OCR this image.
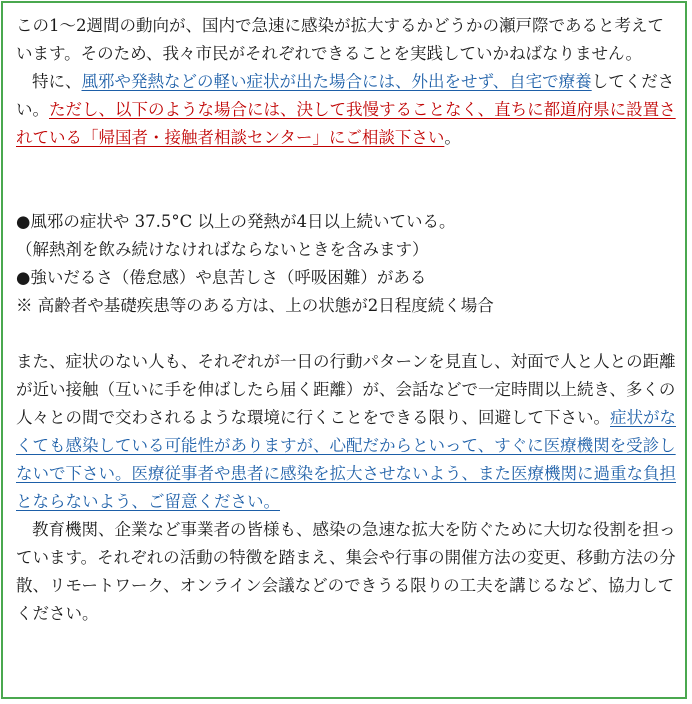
この1～2週間の動向が、国内で急速に感染が拡大するかどうかの瀬戸際であると考えています。そのため、我々市民がそれぞれできることを実践していかねばなりません。

特に、風邪や発熱などの軽い症状が出た場合には、外出をせず、自宅で療養してください。ただし、以下のような場合には、決して我慢することなく、直ちに都道府県に設置されている「帰国者・接触者相談センター」にご相談下さい。

●風邪の症状や 37.5°C 以上の発熱が4日以上続いている。

（解熱剤を飲み続けなければならないときを含みます）

●強いだるさ（倦怠感）や息苦しさ（呼吸困難）がある

※ 高齢者や基礎疾患等のある方は、上の状態が2日程度続く場合

また、症状のない人も、それぞれが一日の行動パターンを見直し、対面で人と人との距離が近い接触（互いに手を伸ばしたら届く距離）が、会話などで一定時間以上続き、多くの人々との間で交わされるような環境に行くことをできる限り、回避して下さい。症状がなくても感染している可能性がありますが、心配だからといって、すぐに医療機関を受診しないで下さい。医療従事者や患者に感染を拡大させないよう、また医療機関に過重な負担とならないよう、ご留意ください。

教育機関、企業など事業者の皆様も、感染の急速な拡大を防ぐために大切な役割を担っています。それぞれの活動の特徴を踏まえ、集会や行事の開催方法の変更、移動方法の分散、リモートワーク、オンライン会議などのできうる限りの工夫を講じるなど、協力してください。
